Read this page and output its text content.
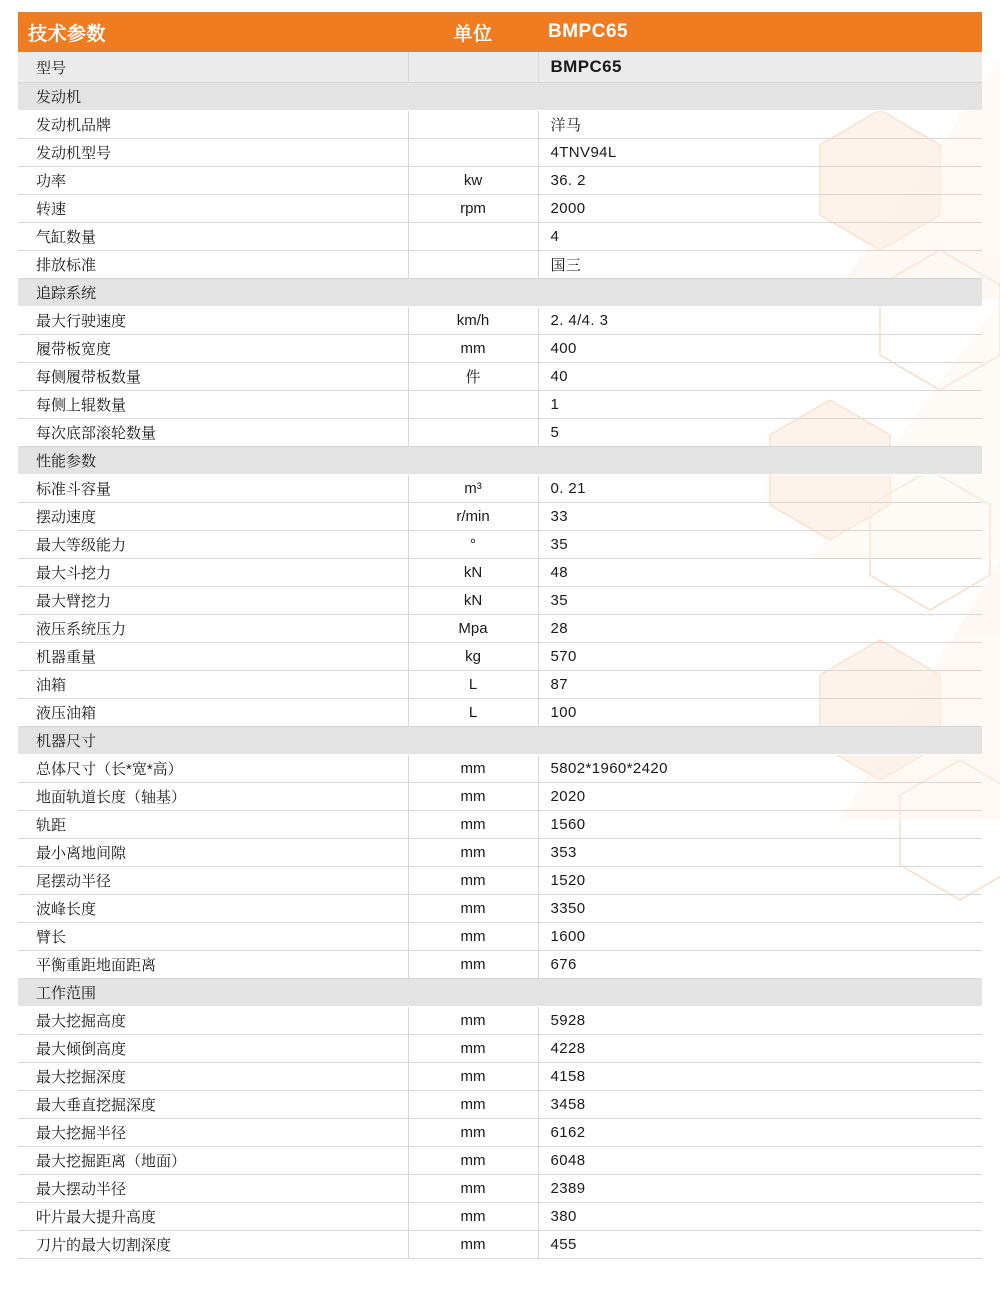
技术参数	单位	BMPC65
型号		BMPC65
发动机		
发动机品牌		洋马
发动机型号		4TNV94L
功率	kw	36. 2
转速	rpm	2000
气缸数量		4
排放标准		国三
追踪系统		
最大行驶速度	km/h	2. 4/4. 3
履带板宽度	mm	400
每侧履带板数量	件	40
每侧上辊数量		1
每次底部滚轮数量		5
性能参数		
标准斗容量	m³	0. 21
摆动速度	r/min	33
最大等级能力	°	35
最大斗挖力	kN	48
最大臂挖力	kN	35
液压系统压力	Mpa	28
机器重量	kg	570
油箱	L	87
液压油箱	L	100
机器尺寸		
总体尺寸（长*宽*高）	mm	5802*1960*2420
地面轨道长度（轴基）	mm	2020
轨距	mm	1560
最小离地间隙	mm	353
尾摆动半径	mm	1520
波峰长度	mm	3350
臂长	mm	1600
平衡重距地面距离	mm	676
工作范围		
最大挖掘高度	mm	5928
最大倾倒高度	mm	4228
最大挖掘深度	mm	4158
最大垂直挖掘深度	mm	3458
最大挖掘半径	mm	6162
最大挖掘距离（地面）	mm	6048
最大摆动半径	mm	2389
叶片最大提升高度	mm	380
刀片的最大切割深度	mm	455
